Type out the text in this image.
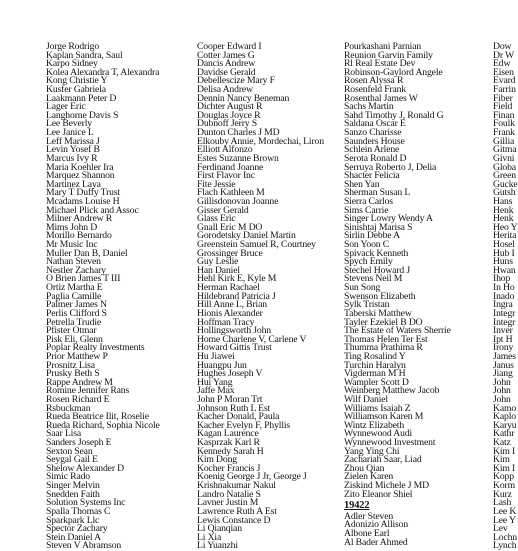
Jorge Rodrigo
Kaplan Sandra, Saul
Karpo Sidney
Kolea Alexandra T, Alexandra
Kong Christie Y
Kusfer Gabriela
Laakmann Peter D
Lager Eric
Langhorne Davis S
Lee Beverly
Lee Janice L
Leff Marissa J
Levin Yosef B
Marcus Ivy R
Maria Koehler Ira
Marquez Shannon
Martinez Laya
Mary T Duffy Trust
Mcadams Louise H
Michael Plick and Assoc
Milner Andrew R
Mims John D
Morillo Bernardo
Mr Music Inc
Muller Dan B, Daniel
Nathan Steven
Nestler Zachary
O Brien James T III
Ortiz Martha E
Paglia Camille
Palmer James N
Perlis Clifford S
Petrella Trudie
Pfister Otmar
Pisk Eli, Glenn
Poplar Realty Investments
Prior Matthew P
Prosnitz Lisa
Prusky Beth S
Rappe Andrew M
Romine Jennifer Rans
Rosen Richard E
Rsbuckman
Rueda Beatrice Ilit, Roselie
Rueda Richard, Sophia Nicole
Saar Lisa
Sanders Joseph E
Sexton Sean
Seygal Gail E
Shelow Alexander D
Simic Rado
Singer Melvin
Snedden Faith
Solution Systems Inc
Spalla Thomas C
Sparkpark Llc
Spector Zachary
Stein Daniel A
Steven V Abramson
Cooper Edward I
Cotter James G
Dancis Andrew
Davidse Gerald
Debellescize Mary F
Delisa Andrew
Dennin Nancy Beneman
Dichter August R
Douglas Joyce R
Dubnoff Jerry S
Dunton Charles J MD
Elkouby Annie, Mordechai, Liron
Elliott Alfonzo
Estes Suzanne Brown
Ferdinand Joanne
First Flavor Inc
Fite Jessie
Flach Kathleen M
Gillisdonovan Joanne
Gisser Gerald
Glass Eric
Gnall Eric M DO
Gorodetsky Daniel Martin
Greenstein Samuel R, Courtney
Grossinger Bruce
Guy Leslie
Han Daniel
Hehl Kirk E, Kyle M
Herman Rachael
Hildebrand Patricia J
Hill Anne L, Brian
Hionis Alexander
Hoffman Tracy
Hollingsworth John
Home Charlene V, Carlene V
Howard Gittis Trust
Hu Jiawei
Huangpu Jun
Hughes Joseph V
Hui Yang
Jaffe Max
John P Moran Trt
Johnson Ruth L Est
Kacher Donald, Paula
Kacher Evelyn F, Phyllis
Kagan Laurence
Kasprzak Karl R
Kennedy Sarah H
Kim Dong
Kocher Francis J
Koenig George J Jr, George J
Krishnakumar Nakul
Landro Natalie S
Lavner Justin M
Lawrence Ruth A Est
Lewis Constance D
Li Qianqian
Li Xia
Li Yuanzhi
Pourkashani Parnian
Reunion Garvin Family
Rl Real Estate Dev
Robinson-Gaylord Angele
Rosen Alyssa R
Rosenfeld Frank
Rosenthal James W
Sachs Martin
Sahd Timothy J, Ronald G
Saldana Oscar E
Sanzo Charisse
Saunders House
Schlein Arlene
Serota Ronald D
Serruya Roberto J, Delia
Shacter Felicia
Shen Yan
Sherman Susan L
Sierra Carlos
Sims Carrie
Singer Lowry Wendy A
Sinishtaj Marisa S
Sirlin Debbe A
Son Yoon C
Spivack Kenneth
Spych Emily
Stechel Howard J
Stevens Neil M
Sun Song
Swenson Elizabeth
Sylk Tristan
Taberski Matthew
Tayler Ezekiel B DO
The Estate of Waters Sherrie
Thomas Helen Ter Est
Thumma Prathima R
Ting Rosalind Y
Turchin Haralyn
Vigderman M H
Wampler Scott D
Weinberg Matthew Jacob
Wilf Daniel
Williams Isaiah Z
Williamson Karen M
Wintz Elizabeth
Wynnewood Audi
Wynnewood Investment
Yang Ying Chi
Zachariah Saar, Liad
Zhou Qian
Zielen Karen
Ziskind Michele J MD
Zito Eleanor Shiel
19422
Adler Steven
Adonizio Allison
Albone Earl
Al Bader Ahmed
Dow
Dr W
Edw
Eisen
Evard
Farrin
Fiber
Field
Finan
Foulk
Frank
Gillia
Gitma
Givni
Globa
Green
Gucke
Gutsh
Hans
Henk
Henk
Heo Y
Herita
Hosel
Hub I
Huns
Hwan
Ihop
In Ho
Inado
Ingra
Integr
Integr
Inver
Ipt H
Irony
James
Janus
Jiang
John
John
John
Kamo
Kaplo
Karyu
Kathr
Katz
Kim I
Kim
Kim I
Kopp
Korm
Kurz
Lash
Lee K
Lee Y
Lev
Lochn
Lynch
